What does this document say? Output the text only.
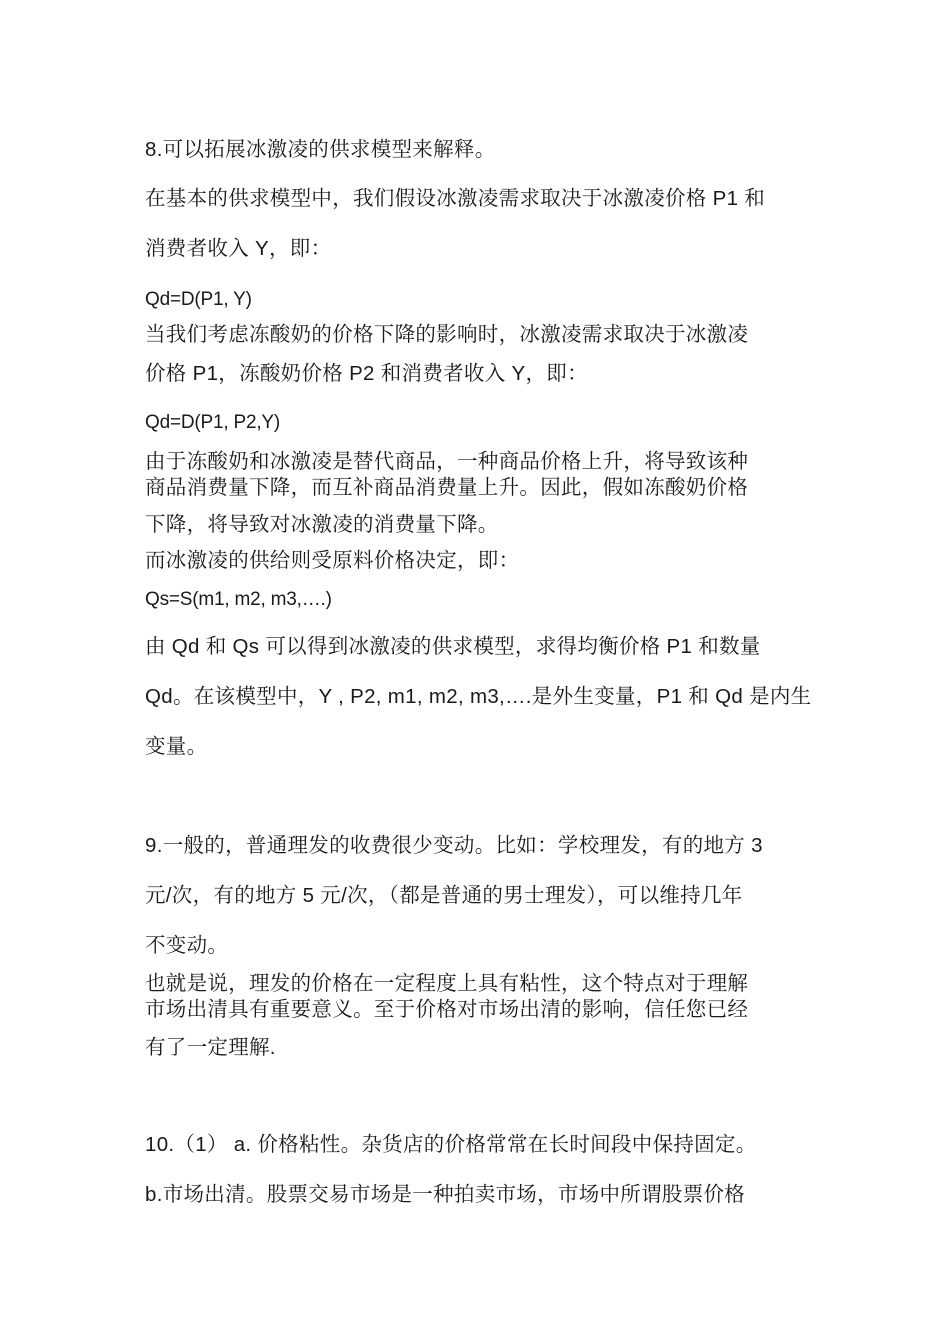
8.可以拓展冰激凌的供求模型来解释。

在基本的供求模型中，我们假设冰激凌需求取决于冰激凌价格 P1 和

消费者收入 Y，即：

Qd=D(P1, Y)

当我们考虑冻酸奶的价格下降的影响时，冰激凌需求取决于冰激凌

价格 P1，冻酸奶价格 P2 和消费者收入 Y，即：

Qd=D(P1, P2,Y)

由于冻酸奶和冰激凌是替代商品，一种商品价格上升，将导致该种

商品消费量下降，而互补商品消费量上升。因此，假如冻酸奶价格

下降，将导致对冰激凌的消费量下降。

而冰激凌的供给则受原料价格决定，即：

Qs=S(m1, m2, m3,….)

由 Qd 和 Qs 可以得到冰激凌的供求模型，求得均衡价格 P1 和数量

Qd。在该模型中，Y , P2, m1, m2, m3,….是外生变量，P1 和 Qd 是内生

变量。

9.一般的，普通理发的收费很少变动。比如：学校理发，有的地方 3

元/次，有的地方 5 元/次，（都是普通的男士理发），可以维持几年

不变动。

也就是说，理发的价格在一定程度上具有粘性，这个特点对于理解

市场出清具有重要意义。至于价格对市场出清的影响，信任您已经

有了一定理解.

10.（1） a. 价格粘性。杂货店的价格常常在长时间段中保持固定。

b.市场出清。股票交易市场是一种拍卖市场，市场中所谓股票价格
